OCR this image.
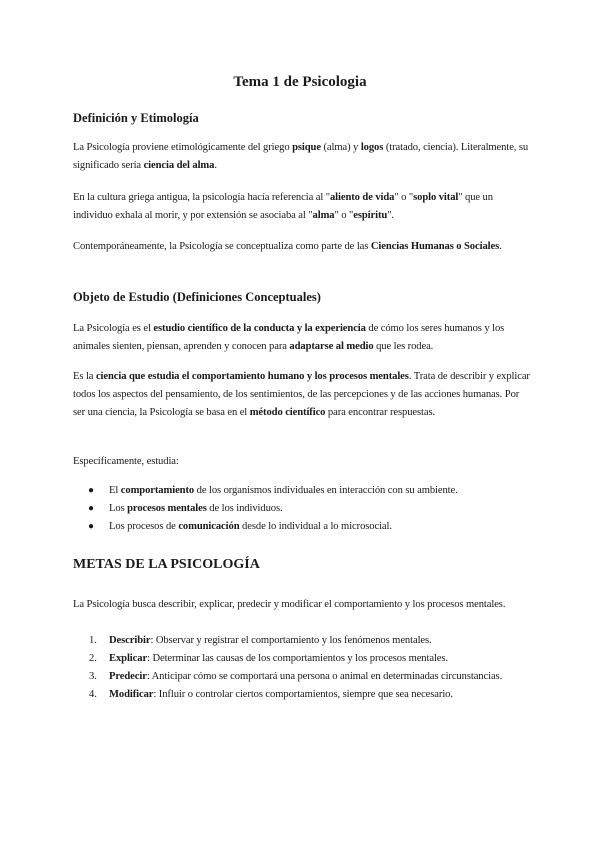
Tema 1 de Psicologia
Definición y Etimología

La Psicología proviene etimológicamente del griego psique (alma) y logos (tratado, ciencia). Literalmente, su significado sería ciencia del alma.

En la cultura griega antigua, la psicología hacía referencia al "aliento de vida" o "soplo vital" que un individuo exhala al morir, y por extensión se asociaba al "alma" o "espíritu".

Contemporáneamente, la Psicología se conceptualiza como parte de las Ciencias Humanas o Sociales.

Objeto de Estudio (Definiciones Conceptuales)

La Psicología es el estudio científico de la conducta y la experiencia de cómo los seres humanos y los animales sienten, piensan, aprenden y conocen para adaptarse al medio que les rodea.

Es la ciencia que estudia el comportamiento humano y los procesos mentales. Trata de describir y explicar todos los aspectos del pensamiento, de los sentimientos, de las percepciones y de las acciones humanas. Por ser una ciencia, la Psicología se basa en el método científico para encontrar respuestas.

Específicamente, estudia:

● El comportamiento de los organismos individuales en interacción con su ambiente.
● Los procesos mentales de los individuos.
● Los procesos de comunicación desde lo individual a lo microsocial.
METAS DE LA PSICOLOGÍA

La Psicología busca describir, explicar, predecir y modificar el comportamiento y los procesos mentales.

1. Describir: Observar y registrar el comportamiento y los fenómenos mentales.
2. Explicar: Determinar las causas de los comportamientos y los procesos mentales.
3. Predecir: Anticipar cómo se comportará una persona o animal en determinadas circunstancias.
4. Modificar: Influir o controlar ciertos comportamientos, siempre que sea necesario.
